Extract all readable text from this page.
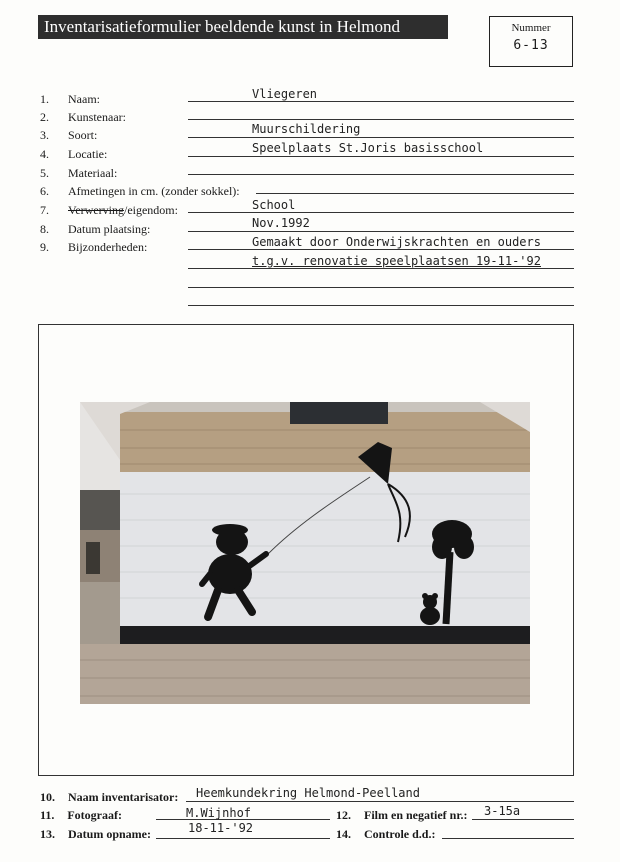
Inventarisatieformulier beeldende kunst in Helmond	Nummer
6-13
1. Naam:	Vliegeren
2. Kunstenaar:
3. Soort:	Muurschildering
4. Locatie:	Speelplaats St.Joris basisschool
5. Materiaal:
6. Afmetingen in cm. (zonder sokkel):
7. Verwerving/eigendom:	School
8. Datum plaatsing:	Nov.1992
9. Bijzonderheden:	Gemaakt door Onderwijskrachten en ouders
t.g.v. renovatie speelplaatsen 19-11-'92
10. Naam inventarisator: Heemkundekring Helmond-Peelland
11. Fotograaf:	M.Wijnhof	12. Film en negatief nr.: 3-15a
13. Datum opname:	18-11-'92	14. Controle d.d.:
